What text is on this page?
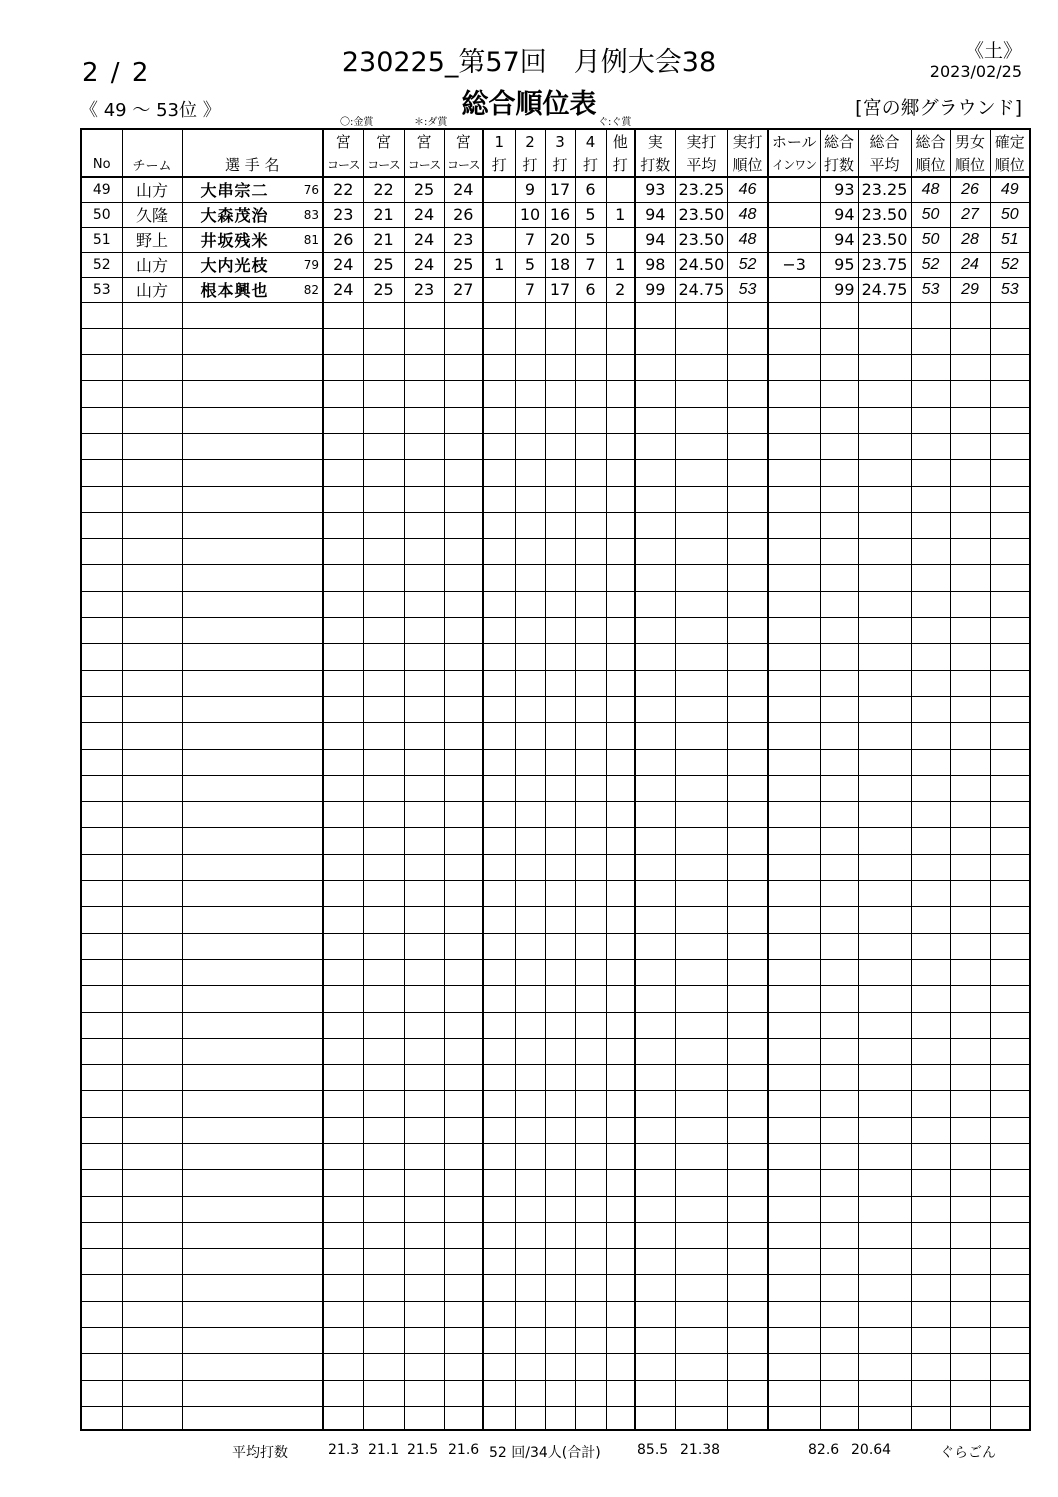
2 / 2
《 49 ～ 53位 》
230225_第57回　月例大会38
総合順位表
《土》
2023/02/25
[宮の郷グラウンド]
〇:金賞	＊:ダ賞	ぐ:ぐ賞
			宮	宮	宮	宮	1	2	3	4	他	実	実打	実打	ホール	総合	総合	総合	男女	確定
No	チーム	選 手 名	コース	コース	コース	コース	打	打	打	打	打	打数	平均	順位	インワン	打数	平均	順位	順位	順位
49	山方	大串宗二 76	22	22	25	24		9	17	6		93	23.25	46		93	23.25	48	26	49
50	久隆	大森茂治 83	23	21	24	26		10	16	5	1	94	23.50	48		94	23.50	50	27	50
51	野上	井坂残米 81	26	21	24	23		7	20	5		94	23.50	48		94	23.50	50	28	51
52	山方	大内光枝 79	24	25	24	25	1	5	18	7	1	98	24.50	52	−3	95	23.75	52	24	52
53	山方	根本興也 82	24	25	23	27		7	17	6	2	99	24.75	53		99	24.75	53	29	53

平均打数	21.3 21.1 21.5 21.6 52 回/34人(合計)	85.5 21.38	82.6 20.64	ぐらごん
